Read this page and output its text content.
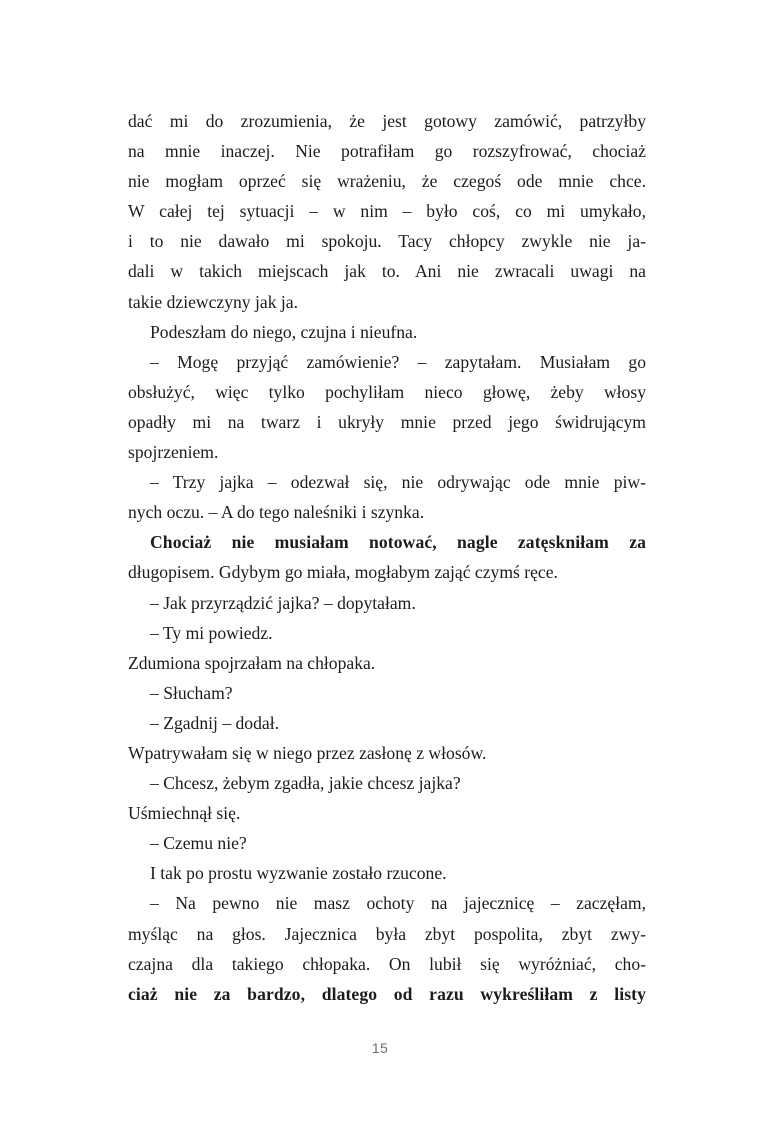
dać mi do zrozumienia, że jest gotowy zamówić, patrzyłby
na mnie inaczej. Nie potrafiłam go rozszyfrować, chociaż
nie mogłam oprzeć się wrażeniu, że czegoś ode mnie chce.
W całej tej sytuacji – w nim – było coś, co mi umykało,
i to nie dawało mi spokoju. Tacy chłopcy zwykle nie ja-
dali w takich miejscach jak to. Ani nie zwracali uwagi na
takie dziewczyny jak ja.
Podeszłam do niego, czujna i nieufna.
– Mogę przyjąć zamówienie? – zapytałam. Musiałam go
obsłużyć, więc tylko pochyliłam nieco głowę, żeby włosy
opadły mi na twarz i ukryły mnie przed jego świdrującym
spojrzeniem.
– Trzy jajka – odezwał się, nie odrywając ode mnie piw-
nych oczu. – A do tego naleśniki i szynka.
Chociaż nie musiałam notować, nagle zatęskniłam za
długopisem. Gdybym go miała, mogłabym zająć czymś ręce.
– Jak przyrządzić jajka? – dopytałam.
– Ty mi powiedz.
Zdumiona spojrzałam na chłopaka.
– Słucham?
– Zgadnij – dodał.
Wpatrywałam się w niego przez zasłonę z włosów.
– Chcesz, żebym zgadła, jakie chcesz jajka?
Uśmiechnął się.
– Czemu nie?
I tak po prostu wyzwanie zostało rzucone.
– Na pewno nie masz ochoty na jajecznicę – zaczęłam,
myśląc na głos. Jajecznica była zbyt pospolita, zbyt zwy-
czajna dla takiego chłopaka. On lubił się wyróżniać, cho-
ciaż nie za bardzo, dlatego od razu wykreśliłam z listy
15
